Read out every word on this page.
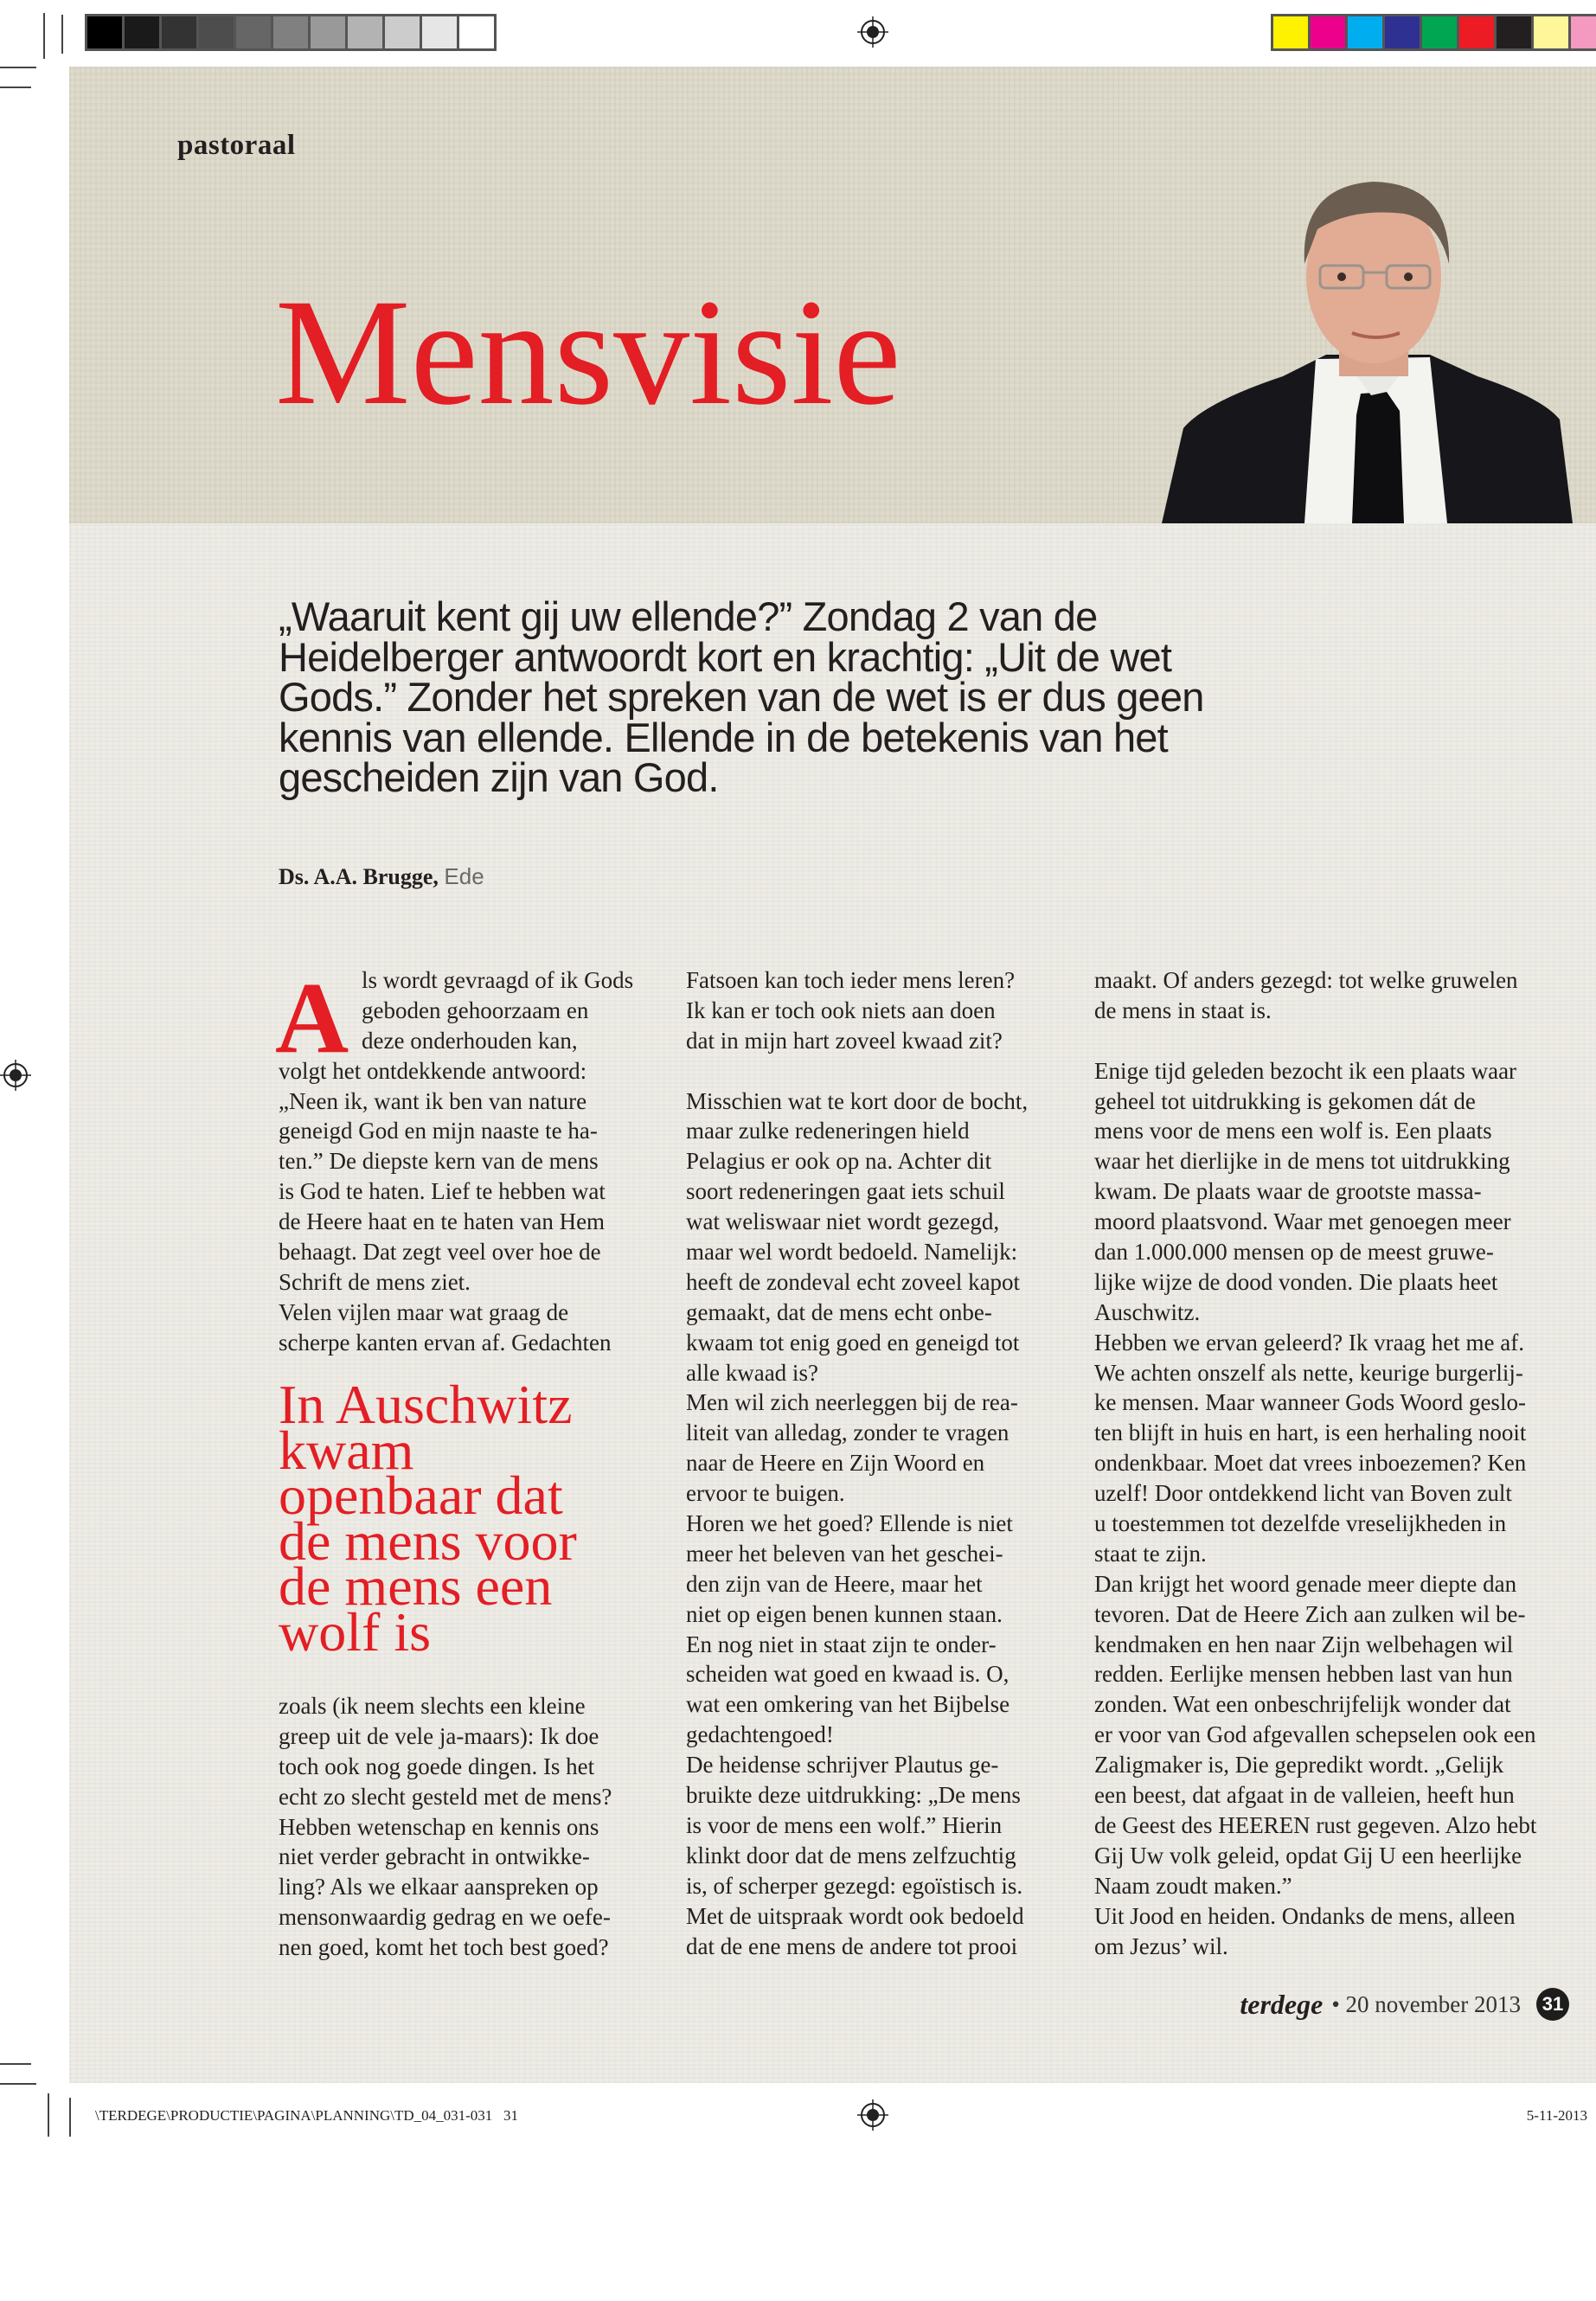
pastoraal
Mensvisie
„Waaruit kent gij uw ellende?” Zondag 2 van de
Heidelberger antwoordt kort en krachtig: „Uit de wet
Gods.” Zonder het spreken van de wet is er dus geen
kennis van ellende. Ellende in de betekenis van het
gescheiden zijn van God.
Ds. A.A. Brugge, Ede
A ls wordt gevraagd of ik Gods
geboden gehoorzaam en
deze onderhouden kan,
volgt het ontdekkende antwoord:
„Neen ik, want ik ben van nature
geneigd God en mijn naaste te ha-
ten.” De diepste kern van de mens
is God te haten. Lief te hebben wat
de Heere haat en te haten van Hem
behaagt. Dat zegt veel over hoe de
Schrift de mens ziet.
Velen vijlen maar wat graag de
scherpe kanten ervan af. Gedachten
In Auschwitz
kwam
openbaar dat
de mens voor
de mens een
wolf is
zoals (ik neem slechts een kleine
greep uit de vele ja-maars): Ik doe
toch ook nog goede dingen. Is het
echt zo slecht gesteld met de mens?
Hebben wetenschap en kennis ons
niet verder gebracht in ontwikke-
ling? Als we elkaar aanspreken op
mensonwaardig gedrag en we oefe-
nen goed, komt het toch best goed?
Fatsoen kan toch ieder mens leren?
Ik kan er toch ook niets aan doen
dat in mijn hart zoveel kwaad zit?
Misschien wat te kort door de bocht,
maar zulke redeneringen hield
Pelagius er ook op na. Achter dit
soort redeneringen gaat iets schuil
wat weliswaar niet wordt gezegd,
maar wel wordt bedoeld. Namelijk:
heeft de zondeval echt zoveel kapot
gemaakt, dat de mens echt onbe-
kwaam tot enig goed en geneigd tot
alle kwaad is?
Men wil zich neerleggen bij de rea-
liteit van alledag, zonder te vragen
naar de Heere en Zijn Woord en
ervoor te buigen.
Horen we het goed? Ellende is niet
meer het beleven van het geschei-
den zijn van de Heere, maar het
niet op eigen benen kunnen staan.
En nog niet in staat zijn te onder-
scheiden wat goed en kwaad is. O,
wat een omkering van het Bijbelse
gedachtengoed!
De heidense schrijver Plautus ge-
bruikte deze uitdrukking: „De mens
is voor de mens een wolf.” Hierin
klinkt door dat de mens zelfzuchtig
is, of scherper gezegd: egoïstisch is.
Met de uitspraak wordt ook bedoeld
dat de ene mens de andere tot prooi
maakt. Of anders gezegd: tot welke gruwelen
de mens in staat is.
Enige tijd geleden bezocht ik een plaats waar
geheel tot uitdrukking is gekomen dát de
mens voor de mens een wolf is. Een plaats
waar het dierlijke in de mens tot uitdrukking
kwam. De plaats waar de grootste massa-
moord plaatsvond. Waar met genoegen meer
dan 1.000.000 mensen op de meest gruwe-
lijke wijze de dood vonden. Die plaats heet
Auschwitz.
Hebben we ervan geleerd? Ik vraag het me af.
We achten onszelf als nette, keurige burgerlij-
ke mensen. Maar wanneer Gods Woord geslo-
ten blijft in huis en hart, is een herhaling nooit
ondenkbaar. Moet dat vrees inboezemen? Ken
uzelf! Door ontdekkend licht van Boven zult
u toestemmen tot dezelfde vreselijkheden in
staat te zijn.
Dan krijgt het woord genade meer diepte dan
tevoren. Dat de Heere Zich aan zulken wil be-
kendmaken en hen naar Zijn welbehagen wil
redden. Eerlijke mensen hebben last van hun
zonden. Wat een onbeschrijfelijk wonder dat
er voor van God afgevallen schepselen ook een
Zaligmaker is, Die gepredikt wordt. „Gelijk
een beest, dat afgaat in de valleien, heeft hun
de Geest des HEEREN rust gegeven. Alzo hebt
Gij Uw volk geleid, opdat Gij U een heerlijke
Naam zoudt maken.”
Uit Jood en heiden. Ondanks de mens, alleen
om Jezus’ wil.
terdege • 20 november 2013	31
\TERDEGE\PRODUCTIE\PAGINA\PLANNING\TD_04_031-031   31	5-11-2013
